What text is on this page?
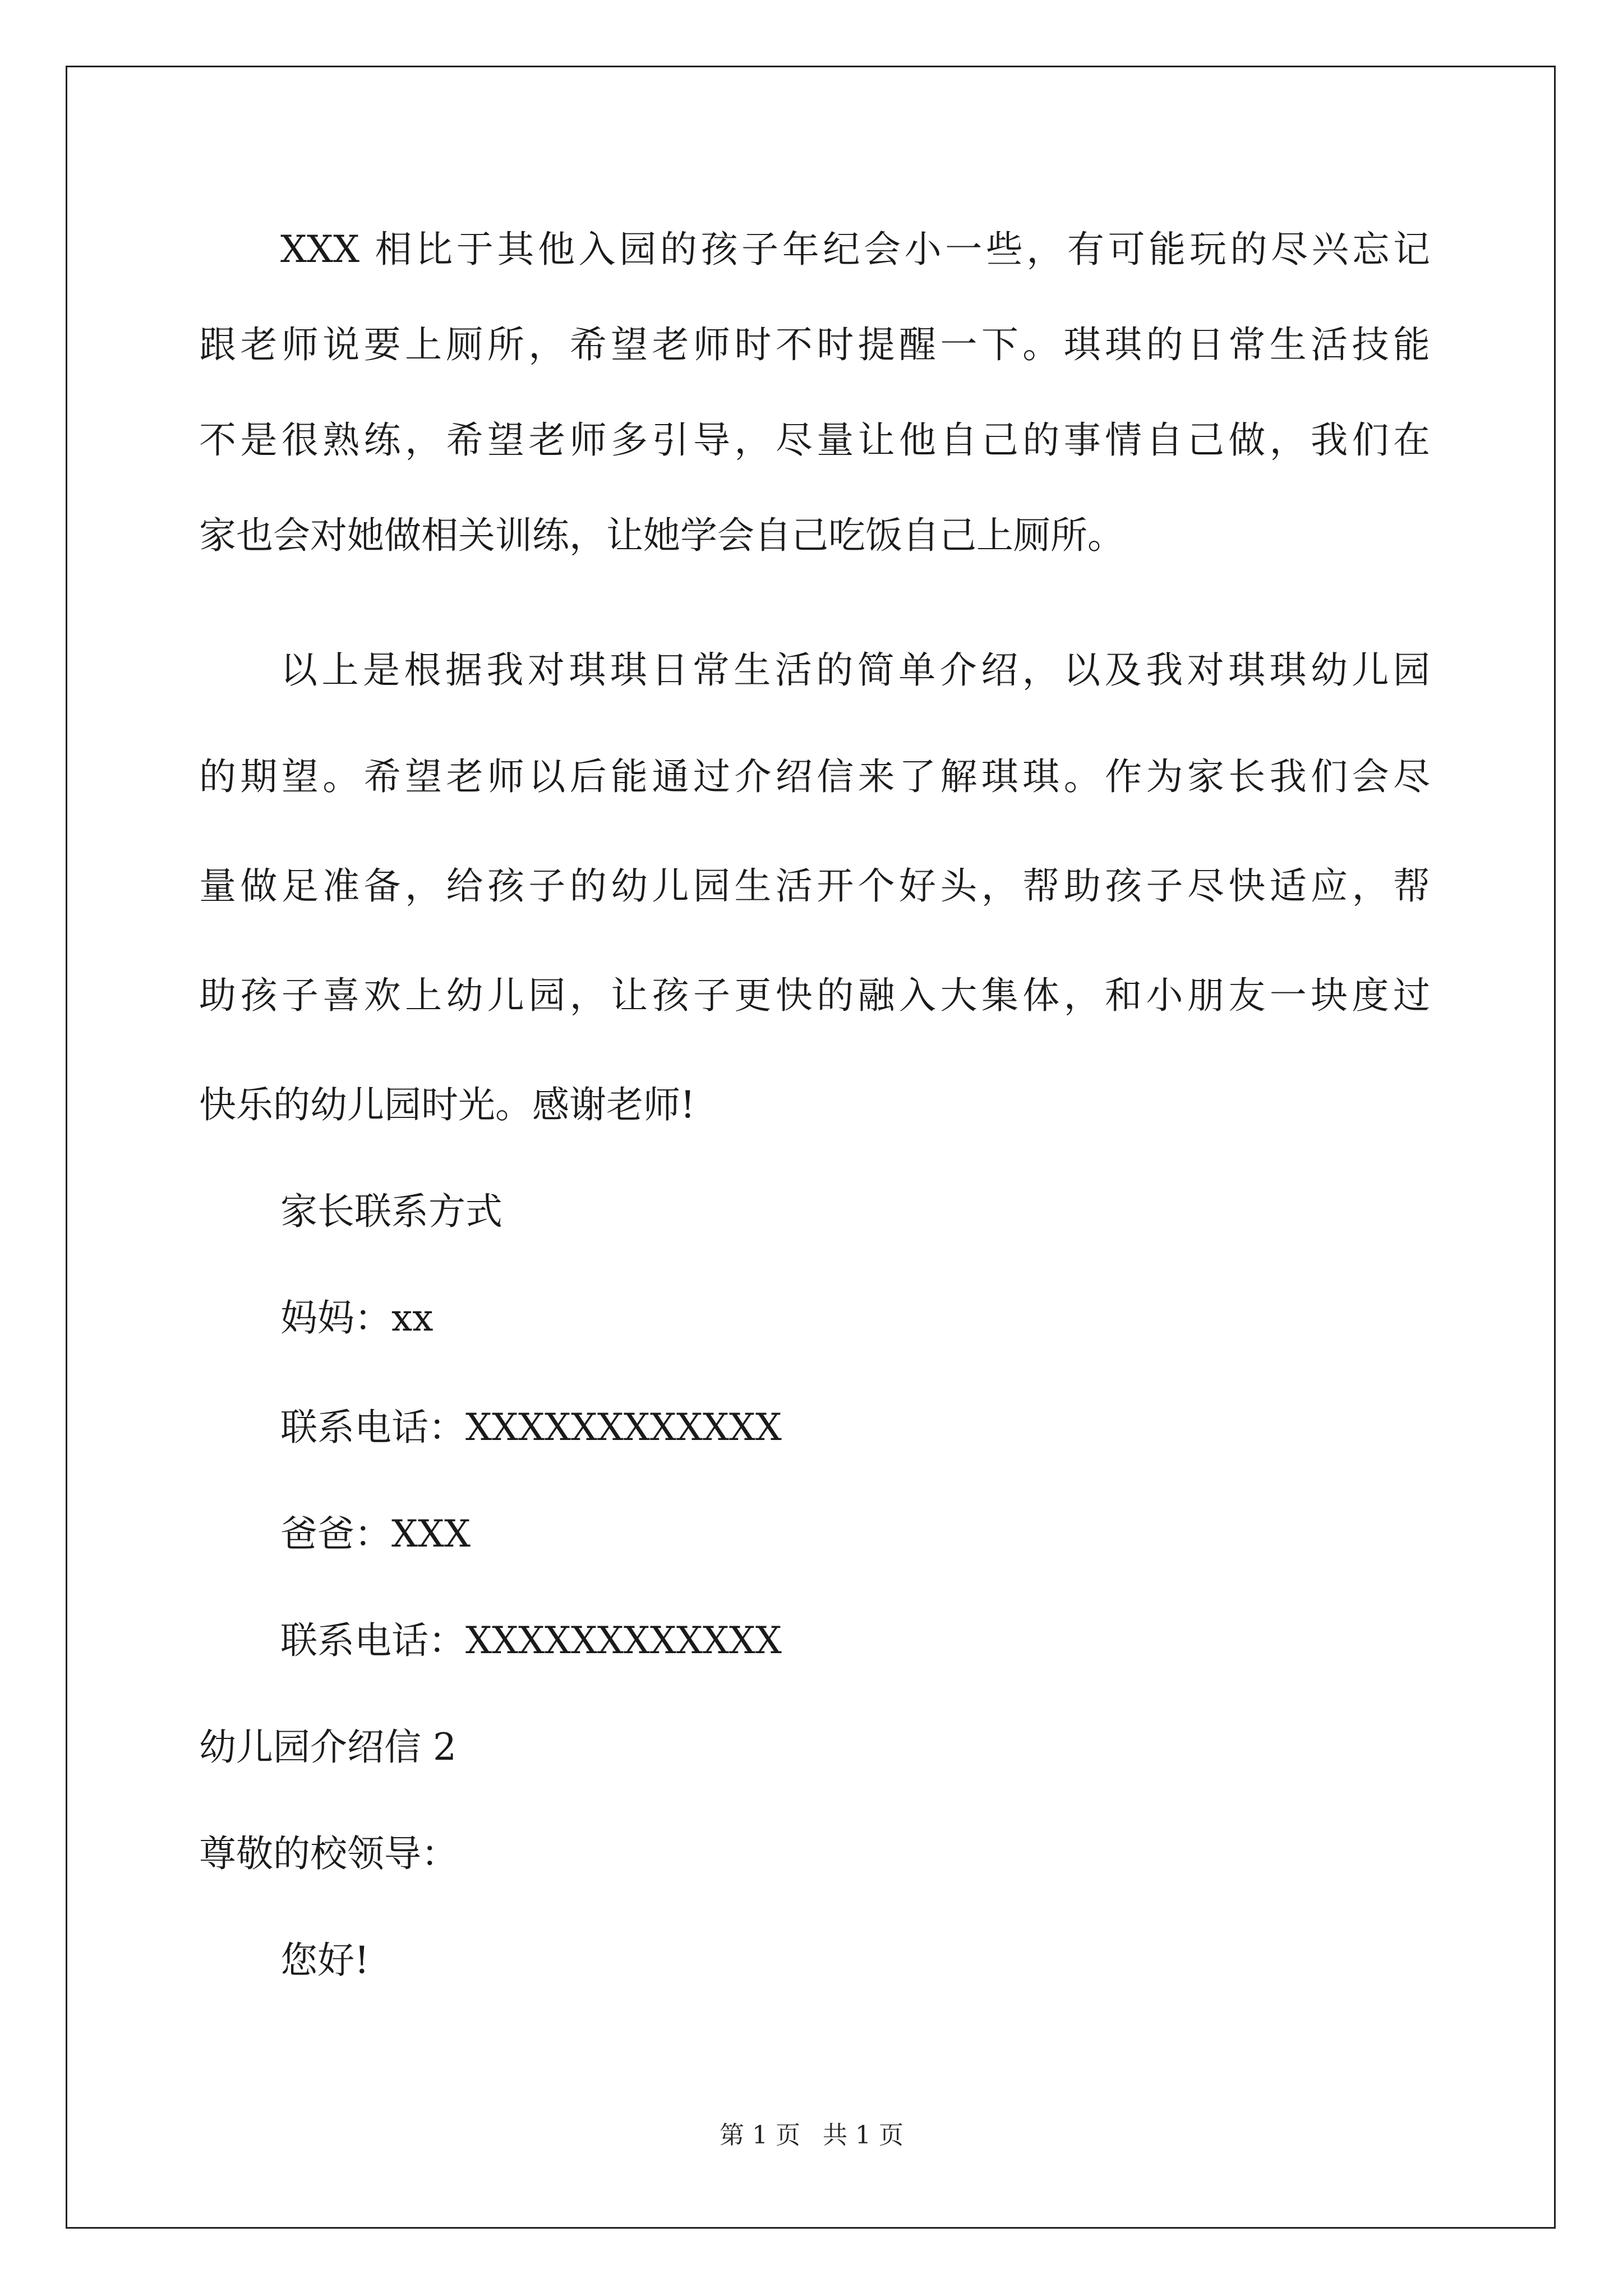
XXX 相比于其他入园的孩子年纪会小一些，有可能玩的尽兴忘记
跟老师说要上厕所，希望老师时不时提醒一下。琪琪的日常生活技能
不是很熟练，希望老师多引导，尽量让他自己的事情自己做，我们在
家也会对她做相关训练，让她学会自己吃饭自己上厕所。
以上是根据我对琪琪日常生活的简单介绍，以及我对琪琪幼儿园
的期望。希望老师以后能通过介绍信来了解琪琪。作为家长我们会尽
量做足准备，给孩子的幼儿园生活开个好头，帮助孩子尽快适应，帮
助孩子喜欢上幼儿园，让孩子更快的融入大集体，和小朋友一块度过
快乐的幼儿园时光。感谢老师!
家长联系方式
妈妈：xx
联系电话：XXXXXXXXXXXX
爸爸：XXX
联系电话：XXXXXXXXXXXX
幼儿园介绍信 2
尊敬的校领导：
您好!
第 1 页 共 1 页
